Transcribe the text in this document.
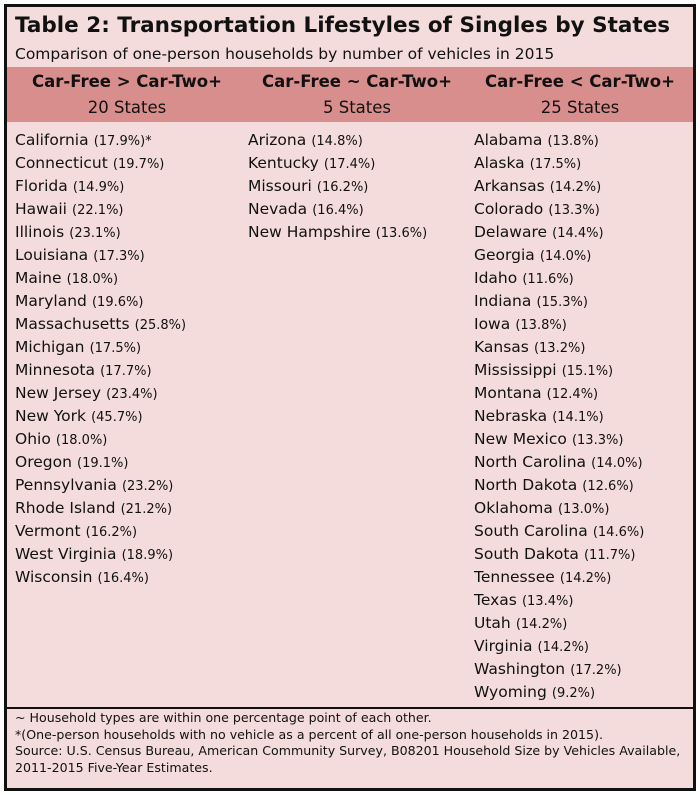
Table 2: Transportation Lifestyles of Singles by States
Comparison of one-person households by number of vehicles in 2015
Car-Free > Car-Two+
20 States
Car-Free ~ Car-Two+
5 States
Car-Free < Car-Two+
25 States
California (17.9%)*
Connecticut (19.7%)
Florida (14.9%)
Hawaii (22.1%)
Illinois (23.1%)
Louisiana (17.3%)
Maine (18.0%)
Maryland (19.6%)
Massachusetts (25.8%)
Michigan (17.5%)
Minnesota (17.7%)
New Jersey (23.4%)
New York (45.7%)
Ohio (18.0%)
Oregon (19.1%)
Pennsylvania (23.2%)
Rhode Island (21.2%)
Vermont (16.2%)
West Virginia (18.9%)
Wisconsin (16.4%)
Arizona (14.8%)
Kentucky (17.4%)
Missouri (16.2%)
Nevada (16.4%)
New Hampshire (13.6%)
Alabama (13.8%)
Alaska (17.5%)
Arkansas (14.2%)
Colorado (13.3%)
Delaware (14.4%)
Georgia (14.0%)
Idaho (11.6%)
Indiana (15.3%)
Iowa (13.8%)
Kansas (13.2%)
Mississippi (15.1%)
Montana (12.4%)
Nebraska (14.1%)
New Mexico (13.3%)
North Carolina (14.0%)
North Dakota (12.6%)
Oklahoma (13.0%)
South Carolina (14.6%)
South Dakota (11.7%)
Tennessee (14.2%)
Texas (13.4%)
Utah (14.2%)
Virginia (14.2%)
Washington (17.2%)
Wyoming (9.2%)
~ Household types are within one percentage point of each other.
*(One-person households with no vehicle as a percent of all one-person households in 2015).
Source: U.S. Census Bureau, American Community Survey, B08201 Household Size by Vehicles Available,
2011-2015 Five-Year Estimates.
